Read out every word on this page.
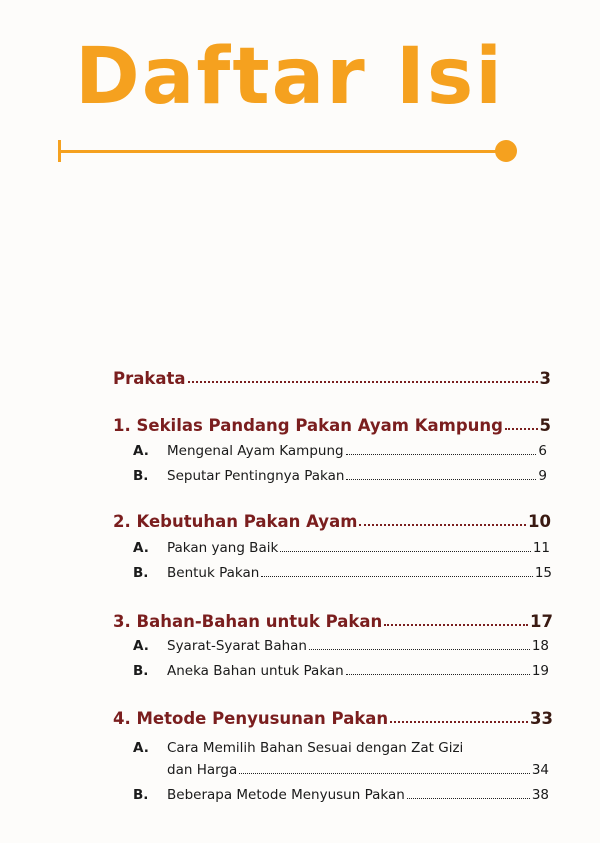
Daftar Isi
Prakata	3
1. Sekilas Pandang Pakan Ayam Kampung 5
A.	Mengenal Ayam Kampung	6
B.	Seputar Pentingnya Pakan	9
2. Kebutuhan Pakan Ayam	10
A.	Pakan yang Baik	11
B.	Bentuk Pakan	15
3. Bahan-Bahan untuk Pakan	17
A.	Syarat-Syarat Bahan	18
B.	Aneka Bahan untuk Pakan	19
4. Metode Penyusunan Pakan	33
A. Cara Memilih Bahan Sesuai dengan Zat Gizi
dan Harga	34
B.	Beberapa Metode Menyusun Pakan	38
